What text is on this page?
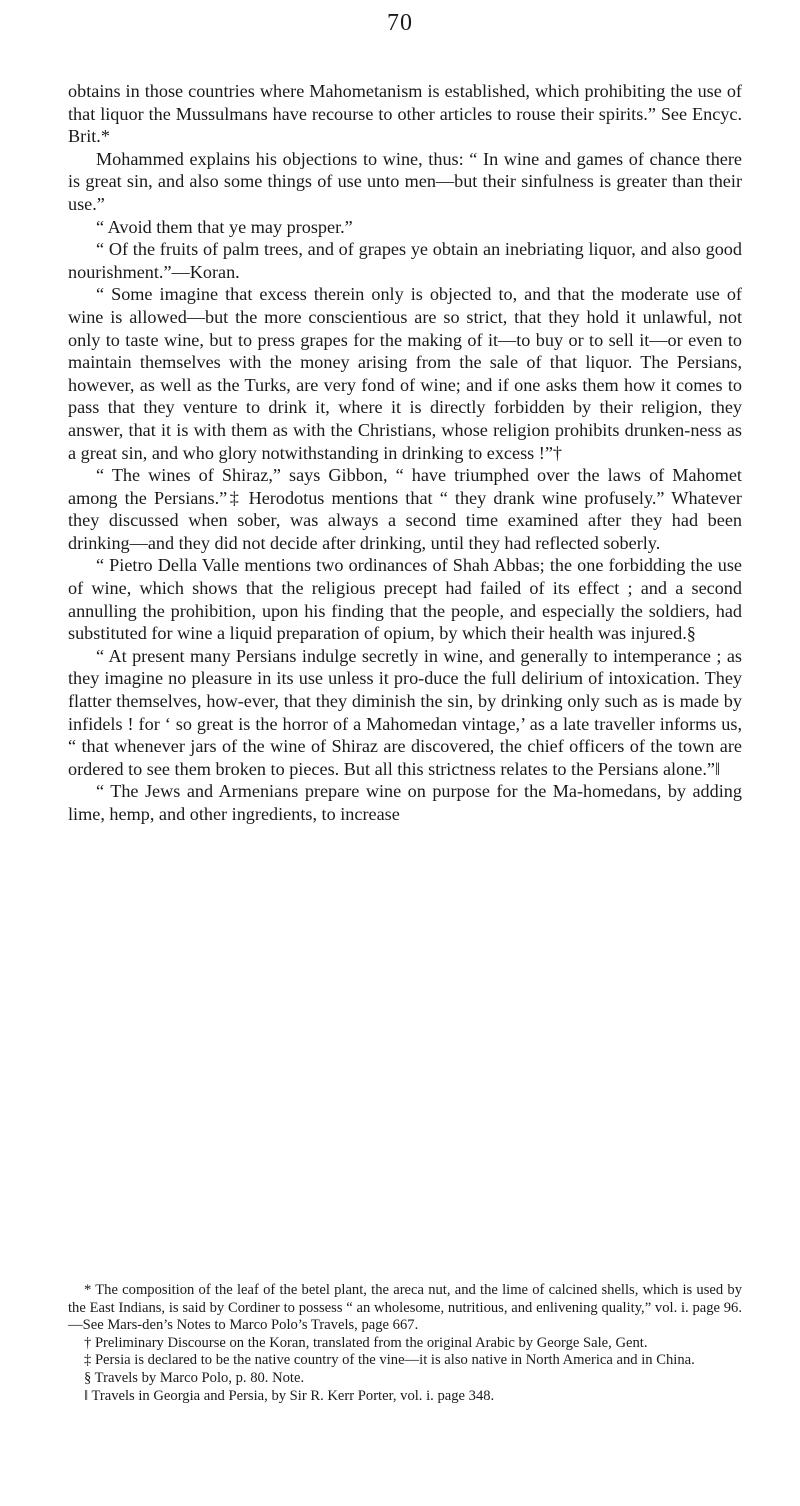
70

obtains in those countries where Mahometanism is established, which prohibiting the use of that liquor the Mussulmans have recourse to other articles to rouse their spirits.” See Encyc. Brit.*

Mohammed explains his objections to wine, thus: “ In wine and games of chance there is great sin, and also some things of use unto men—but their sinfulness is greater than their use.”

“ Avoid them that ye may prosper.”

“ Of the fruits of palm trees, and of grapes ye obtain an inebriating liquor, and also good nourishment.”—Koran.

“ Some imagine that excess therein only is objected to, and that the moderate use of wine is allowed—but the more conscientious are so strict, that they hold it unlawful, not only to taste wine, but to press grapes for the making of it—to buy or to sell it—or even to maintain themselves with the money arising from the sale of that liquor. The Persians, however, as well as the Turks, are very fond of wine; and if one asks them how it comes to pass that they venture to drink it, where it is directly forbidden by their religion, they answer, that it is with them as with the Christians, whose religion prohibits drunken-ness as a great sin, and who glory notwithstanding in drinking to excess !”†

“ The wines of Shiraz,” says Gibbon, “ have triumphed over the laws of Mahomet among the Persians.”‡ Herodotus mentions that “ they drank wine profusely.” Whatever they discussed when sober, was always a second time examined after they had been drinking—and they did not decide after drinking, until they had reflected soberly.

“ Pietro Della Valle mentions two ordinances of Shah Abbas; the one forbidding the use of wine, which shows that the religious precept had failed of its effect ; and a second annulling the prohibition, upon his finding that the people, and especially the soldiers, had substituted for wine a liquid preparation of opium, by which their health was injured.§

“ At present many Persians indulge secretly in wine, and generally to intemperance ; as they imagine no pleasure in its use unless it pro-duce the full delirium of intoxication. They flatter themselves, how-ever, that they diminish the sin, by drinking only such as is made by infidels ! for ‘ so great is the horror of a Mahomedan vintage,’ as a late traveller informs us, “ that whenever jars of the wine of Shiraz are discovered, the chief officers of the town are ordered to see them broken to pieces. But all this strictness relates to the Persians alone.”‖

“ The Jews and Armenians prepare wine on purpose for the Ma-homedans, by adding lime, hemp, and other ingredients, to increase

* The composition of the leaf of the betel plant, the areca nut, and the lime of calcined shells, which is used by the East Indians, is said by Cordiner to possess “ an wholesome, nutritious, and enlivening quality,” vol. i. page 96.—See Mars-den’s Notes to Marco Polo’s Travels, page 667.

† Preliminary Discourse on the Koran, translated from the original Arabic by George Sale, Gent.

‡ Persia is declared to be the native country of the vine—it is also native in North America and in China.

§ Travels by Marco Polo, p. 80. Note.

‖ Travels in Georgia and Persia, by Sir R. Kerr Porter, vol. i. page 348.
